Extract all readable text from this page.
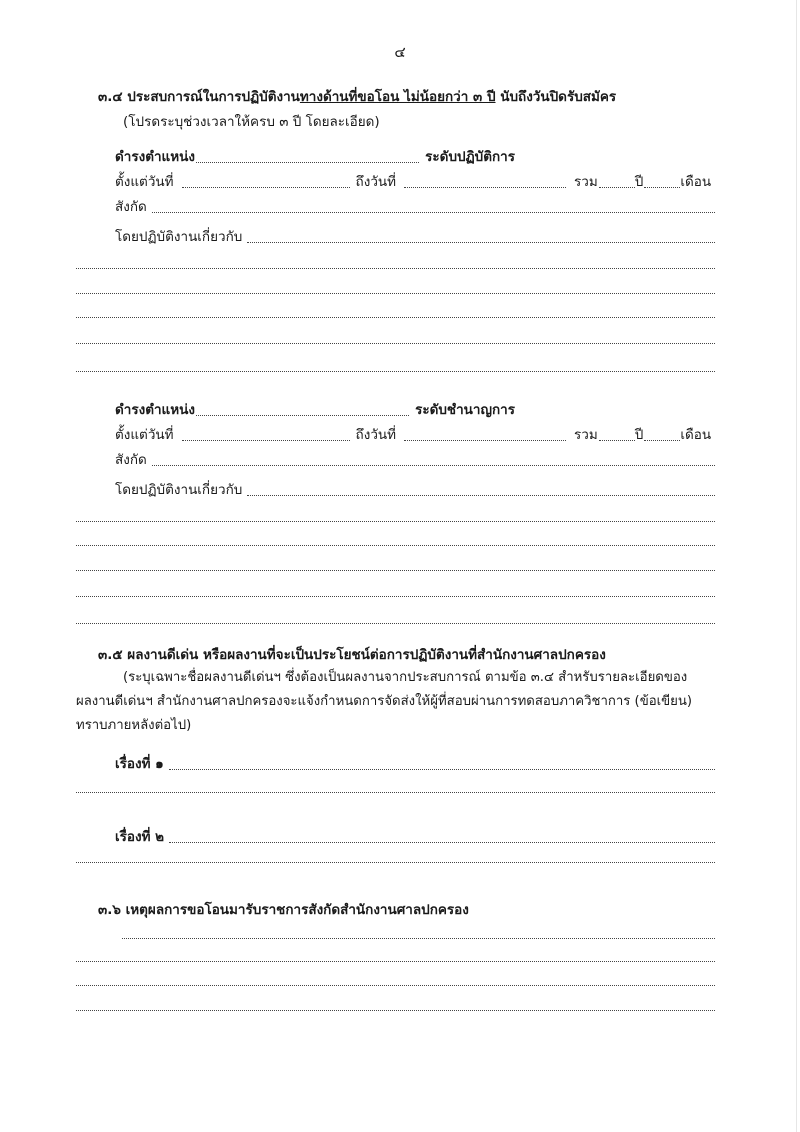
๔
๓.๔ ประสบการณ์ในการปฏิบัติงานทางด้านที่ขอโอน ไม่น้อยกว่า ๓ ปี นับถึงวันปิดรับสมัคร
(โปรดระบุช่วงเวลาให้ครบ ๓ ปี โดยละเอียด)
ดำรงตำแหน่ง	ระดับปฏิบัติการ
ตั้งแต่วันที่	ถึงวันที่	รวม	ปี	เดือน
สังกัด
โดยปฏิบัติงานเกี่ยวกับ
ดำรงตำแหน่ง	ระดับชำนาญการ
ตั้งแต่วันที่	ถึงวันที่	รวม	ปี	เดือน
สังกัด
โดยปฏิบัติงานเกี่ยวกับ
๓.๕ ผลงานดีเด่น หรือผลงานที่จะเป็นประโยชน์ต่อการปฏิบัติงานที่สำนักงานศาลปกครอง
(ระบุเฉพาะชื่อผลงานดีเด่นฯ ซึ่งต้องเป็นผลงานจากประสบการณ์ ตามข้อ ๓.๔ สำหรับรายละเอียดของ
ผลงานดีเด่นฯ สำนักงานศาลปกครองจะแจ้งกำหนดการจัดส่งให้ผู้ที่สอบผ่านการทดสอบภาควิชาการ (ข้อเขียน)
ทราบภายหลังต่อไป)
เรื่องที่ ๑
เรื่องที่ ๒
๓.๖ เหตุผลการขอโอนมารับราชการสังกัดสำนักงานศาลปกครอง
